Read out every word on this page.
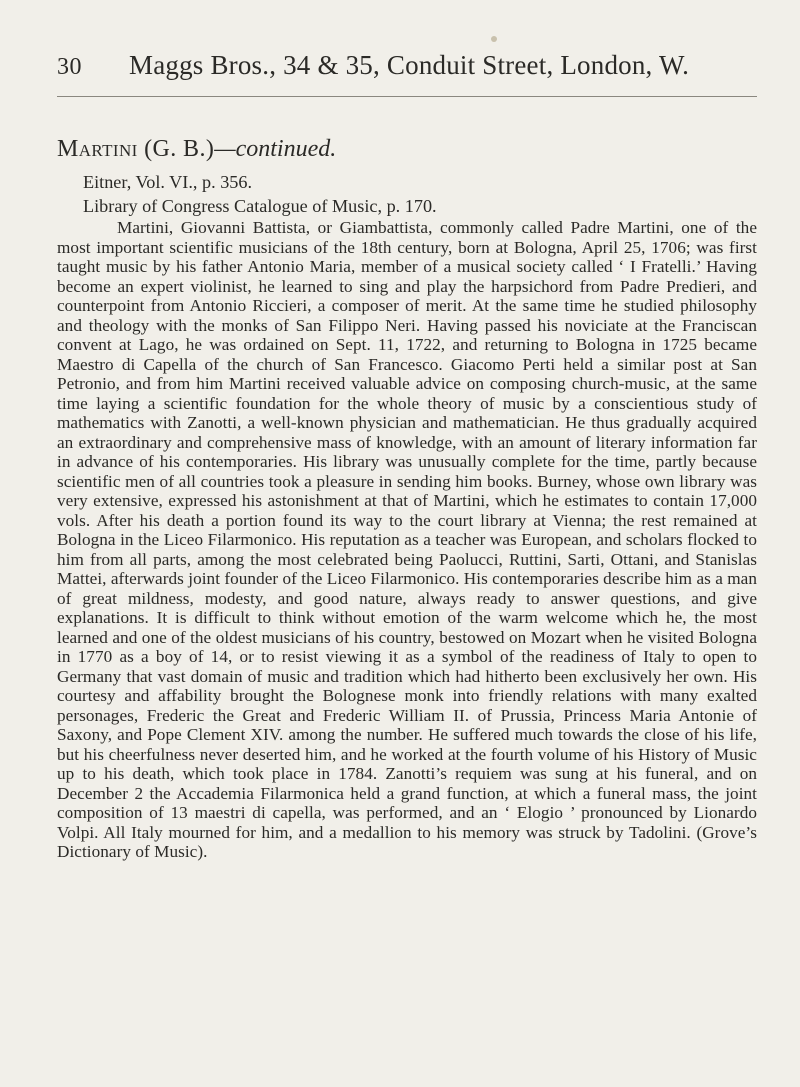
30	Maggs Bros., 34 & 35, Conduit Street, London, W.
Martini (G. B.)—continued.
Eitner, Vol. VI., p. 356.
Library of Congress Catalogue of Music, p. 170.
Martini, Giovanni Battista, or Giambattista, commonly called Padre Martini, one of the most important scientific musicians of the 18th century, born at Bologna, April 25, 1706; was first taught music by his father Antonio Maria, member of a musical society called ‘ I Fratelli.’ Having become an expert violinist, he learned to sing and play the harpsichord from Padre Predieri, and counterpoint from Antonio Riccieri, a composer of merit. At the same time he studied philosophy and theology with the monks of San Filippo Neri. Having passed his noviciate at the Franciscan convent at Lago, he was ordained on Sept. 11, 1722, and returning to Bologna in 1725 became Maestro di Capella of the church of San Francesco. Giacomo Perti held a similar post at San Petronio, and from him Martini received valuable advice on composing church-music, at the same time laying a scientific foundation for the whole theory of music by a conscientious study of mathematics with Zanotti, a well-known physician and mathematician. He thus gradually acquired an extraordinary and comprehensive mass of knowledge, with an amount of literary information far in advance of his contemporaries. His library was unusually complete for the time, partly because scientific men of all countries took a pleasure in sending him books. Burney, whose own library was very extensive, expressed his astonishment at that of Martini, which he estimates to contain 17,000 vols. After his death a portion found its way to the court library at Vienna; the rest remained at Bologna in the Liceo Filarmonico. His reputation as a teacher was European, and scholars flocked to him from all parts, among the most celebrated being Paolucci, Ruttini, Sarti, Ottani, and Stanislas Mattei, afterwards joint founder of the Liceo Filarmonico. His contemporaries describe him as a man of great mildness, modesty, and good nature, always ready to answer questions, and give explanations. It is difficult to think without emotion of the warm welcome which he, the most learned and one of the oldest musicians of his country, bestowed on Mozart when he visited Bologna in 1770 as a boy of 14, or to resist viewing it as a symbol of the readiness of Italy to open to Germany that vast domain of music and tradition which had hitherto been exclusively her own. His courtesy and affability brought the Bolognese monk into friendly relations with many exalted personages, Frederic the Great and Frederic William II. of Prussia, Princess Maria Antonie of Saxony, and Pope Clement XIV. among the number. He suffered much towards the close of his life, but his cheerfulness never deserted him, and he worked at the fourth volume of his History of Music up to his death, which took place in 1784. Zanotti’s requiem was sung at his funeral, and on December 2 the Accademia Filarmonica held a grand function, at which a funeral mass, the joint composition of 13 maestri di capella, was performed, and an ‘ Elogio ’ pronounced by Lionardo Volpi. All Italy mourned for him, and a medallion to his memory was struck by Tadolini. (Grove’s Dictionary of Music).
